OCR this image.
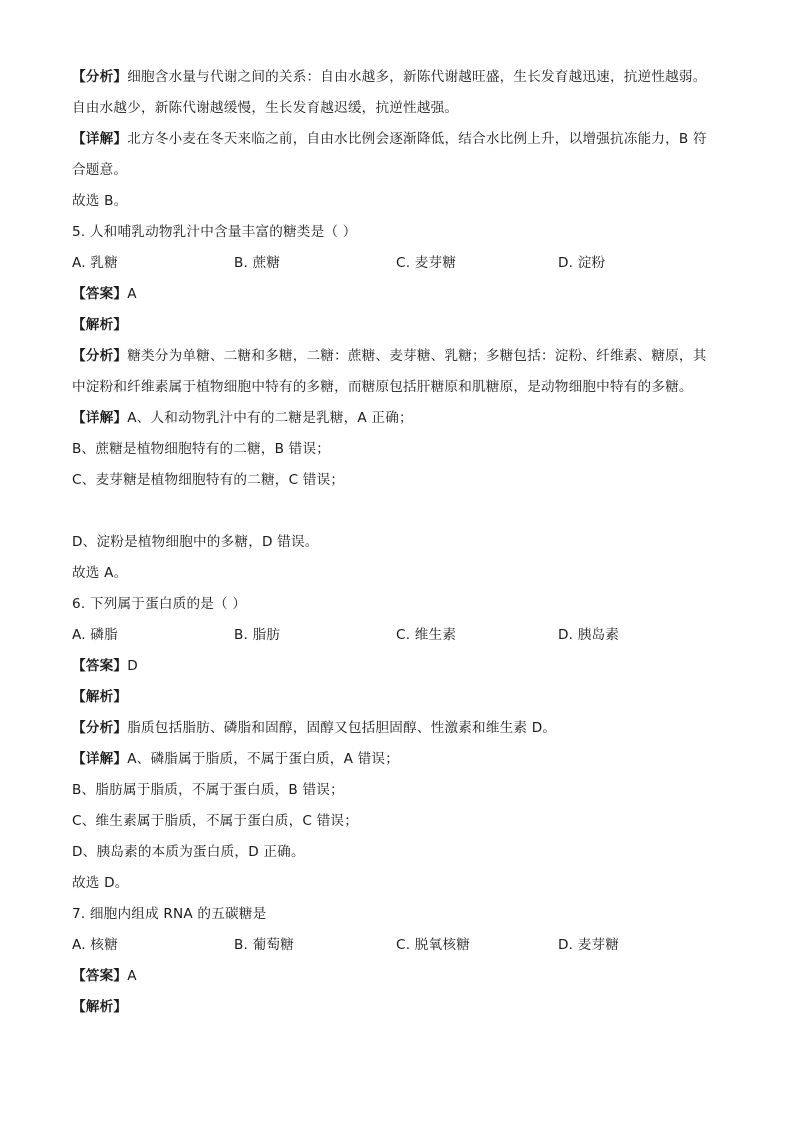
【分析】细胞含水量与代谢之间的关系：自由水越多，新陈代谢越旺盛，生长发育越迅速，抗逆性越弱。
自由水越少，新陈代谢越缓慢，生长发育越迟缓，抗逆性越强。
【详解】北方冬小麦在冬天来临之前，自由水比例会逐渐降低，结合水比例上升，以增强抗冻能力，B 符
合题意。
故选 B。
5. 人和哺乳动物乳汁中含量丰富的糖类是（ ）
A. 乳糖	B. 蔗糖	C. 麦芽糖	D. 淀粉
【答案】A
【解析】
【分析】糖类分为单糖、二糖和多糖，二糖：蔗糖、麦芽糖、乳糖；多糖包括：淀粉、纤维素、糖原，其
中淀粉和纤维素属于植物细胞中特有的多糖，而糖原包括肝糖原和肌糖原，是动物细胞中特有的多糖。
【详解】A、人和动物乳汁中有的二糖是乳糖，A 正确；
B、蔗糖是植物细胞特有的二糖，B 错误；
C、麦芽糖是植物细胞特有的二糖，C 错误；
D、淀粉是植物细胞中的多糖，D 错误。
故选 A。
6. 下列属于蛋白质的是（ ）
A. 磷脂	B. 脂肪	C. 维生素	D. 胰岛素
【答案】D
【解析】
【分析】脂质包括脂肪、磷脂和固醇，固醇又包括胆固醇、性激素和维生素 D。
【详解】A、磷脂属于脂质，不属于蛋白质，A 错误；
B、脂肪属于脂质，不属于蛋白质，B 错误；
C、维生素属于脂质，不属于蛋白质，C 错误；
D、胰岛素的本质为蛋白质，D 正确。
故选 D。
7. 细胞内组成 RNA 的五碳糖是
A. 核糖	B. 葡萄糖	C. 脱氧核糖	D. 麦芽糖
【答案】A
【解析】
